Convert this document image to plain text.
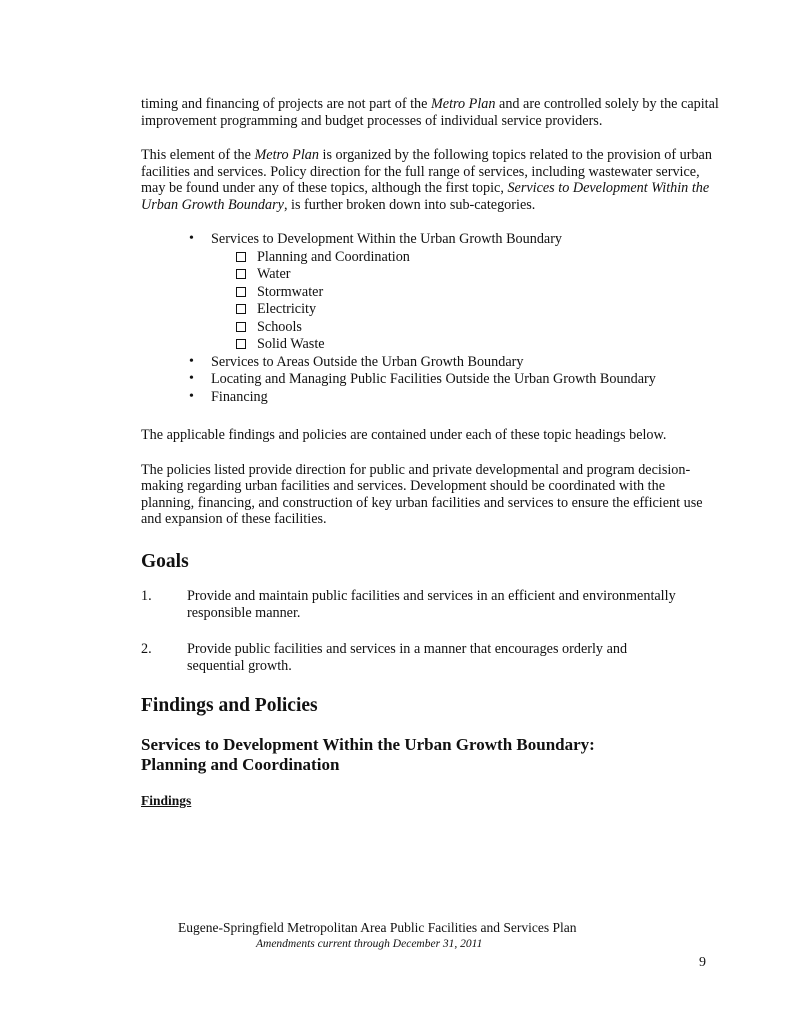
timing and financing of projects are not part of the Metro Plan and are controlled solely by the capital improvement programming and budget processes of individual service providers.

This element of the Metro Plan is organized by the following topics related to the provision of urban facilities and services. Policy direction for the full range of services, including wastewater service, may be found under any of these topics, although the first topic, Services to Development Within the Urban Growth Boundary, is further broken down into sub-categories.

• Services to Development Within the Urban Growth Boundary
Planning and Coordination
Water
Stormwater
Electricity
Schools
Solid Waste
• Services to Areas Outside the Urban Growth Boundary
• Locating and Managing Public Facilities Outside the Urban Growth Boundary
• Financing

The applicable findings and policies are contained under each of these topic headings below.

The policies listed provide direction for public and private developmental and program decision-making regarding urban facilities and services. Development should be coordinated with the planning, financing, and construction of key urban facilities and services to ensure the efficient use and expansion of these facilities.

Goals
1.	Provide and maintain public facilities and services in an efficient and environmentally responsible manner.
2.	Provide public facilities and services in a manner that encourages orderly and sequential growth.
Findings and Policies
Services to Development Within the Urban Growth Boundary:
Planning and Coordination
Findings
Eugene-Springfield Metropolitan Area Public Facilities and Services Plan
Amendments current through December 31, 2011
9
